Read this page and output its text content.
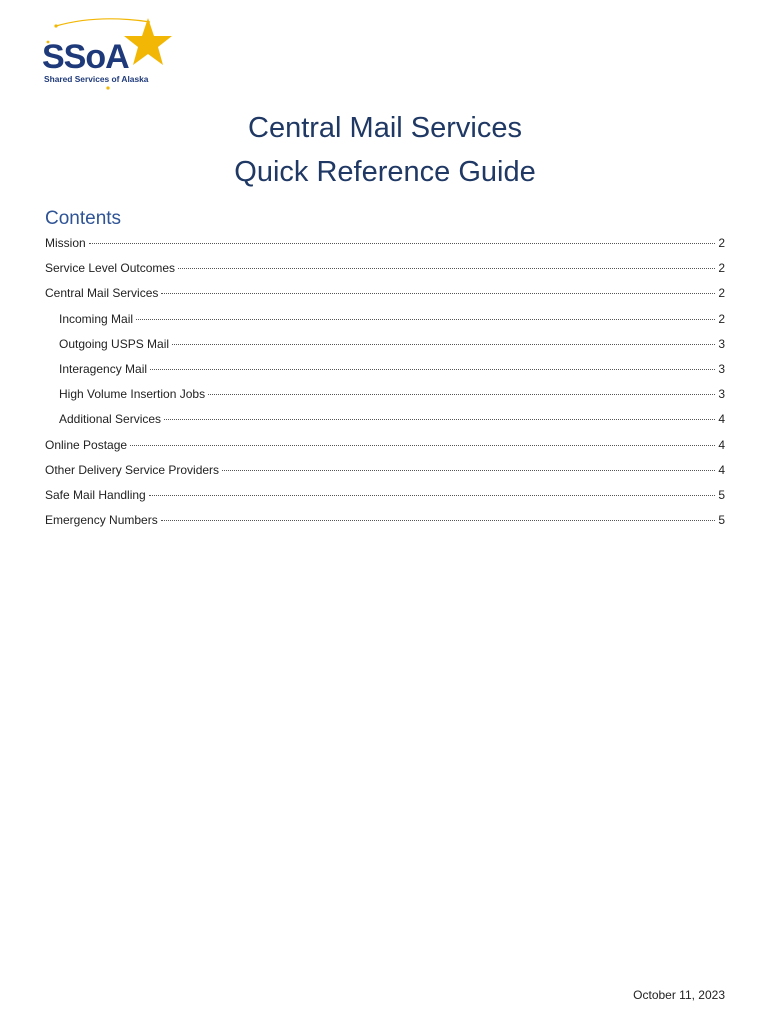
SSoA
Shared Services of Alaska
Central Mail Services
Quick Reference Guide
Contents
Mission	2
Service Level Outcomes	2
Central Mail Services	2
Incoming Mail	2
Outgoing USPS Mail	3
Interagency Mail	3
High Volume Insertion Jobs	3
Additional Services	4
Online Postage	4
Other Delivery Service Providers	4
Safe Mail Handling	5
Emergency Numbers	5
October 11, 2023
